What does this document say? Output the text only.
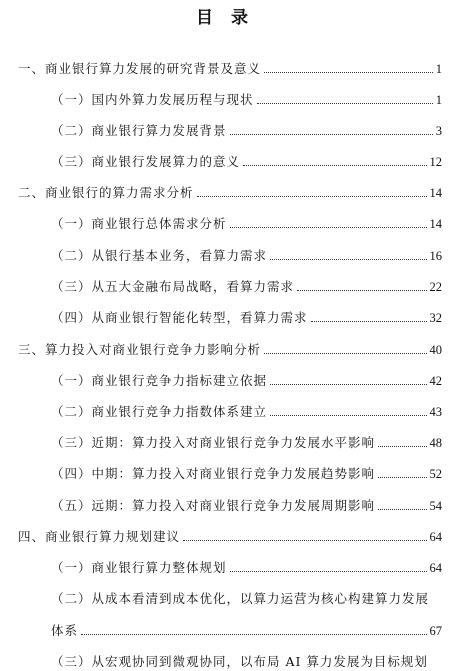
目 录
一、商业银行算力发展的研究背景及意义	1
（一）国内外算力发展历程与现状	1
（二）商业银行算力发展背景	3
（三）商业银行发展算力的意义	12
二、商业银行的算力需求分析	14
（一）商业银行总体需求分析	14
（二）从银行基本业务，看算力需求	16
（三）从五大金融布局战略，看算力需求	22
（四）从商业银行智能化转型，看算力需求	32
三、算力投入对商业银行竞争力影响分析	40
（一）商业银行竞争力指标建立依据	42
（二）商业银行竞争力指数体系建立	43
（三）近期：算力投入对商业银行竞争力发展水平影响	48
（四）中期：算力投入对商业银行竞争力发展趋势影响	52
（五）远期：算力投入对商业银行竞争力发展周期影响	54
四、商业银行算力规划建议	64
（一）商业银行算力整体规划	64
（二）从成本看清到成本优化，以算力运营为核心构建算力发展
体系	67
（三）从宏观协同到微观协同，以布局 AI 算力发展为目标规划
